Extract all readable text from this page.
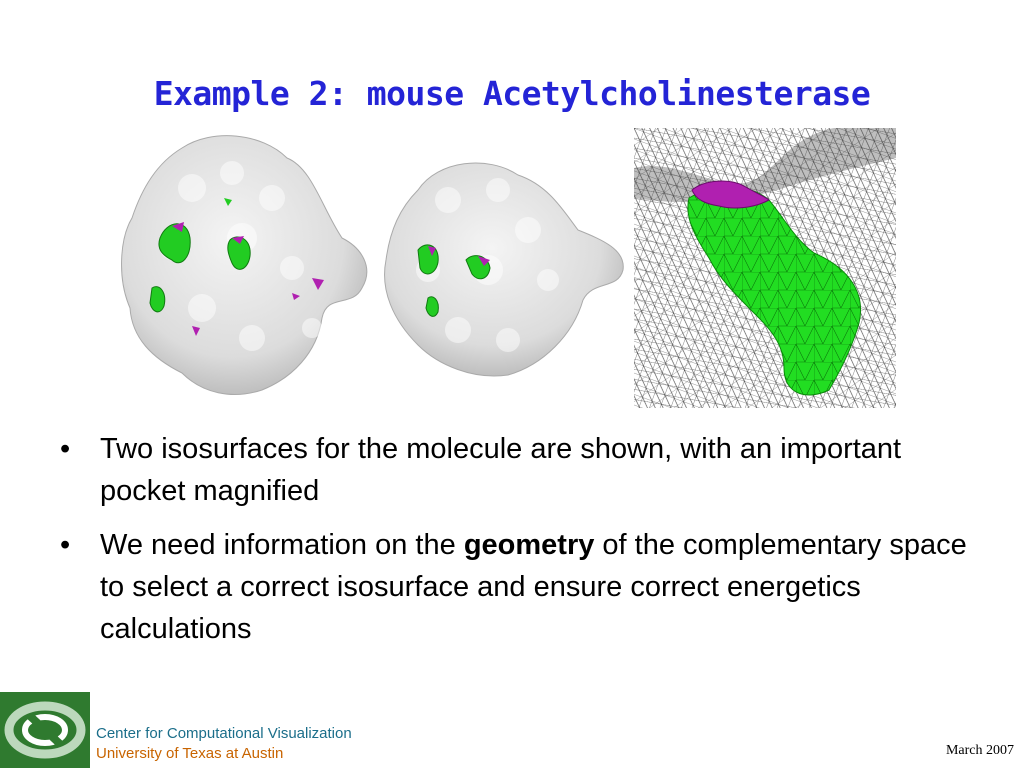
Example 2: mouse Acetylcholinesterase
• Two isosurfaces for the molecule are shown, with an important pocket magnified
• We need information on the geometry of the complementary space to select a correct isosurface and ensure correct energetics calculations
Center for Computational Visualization
University of Texas at Austin	March 2007
